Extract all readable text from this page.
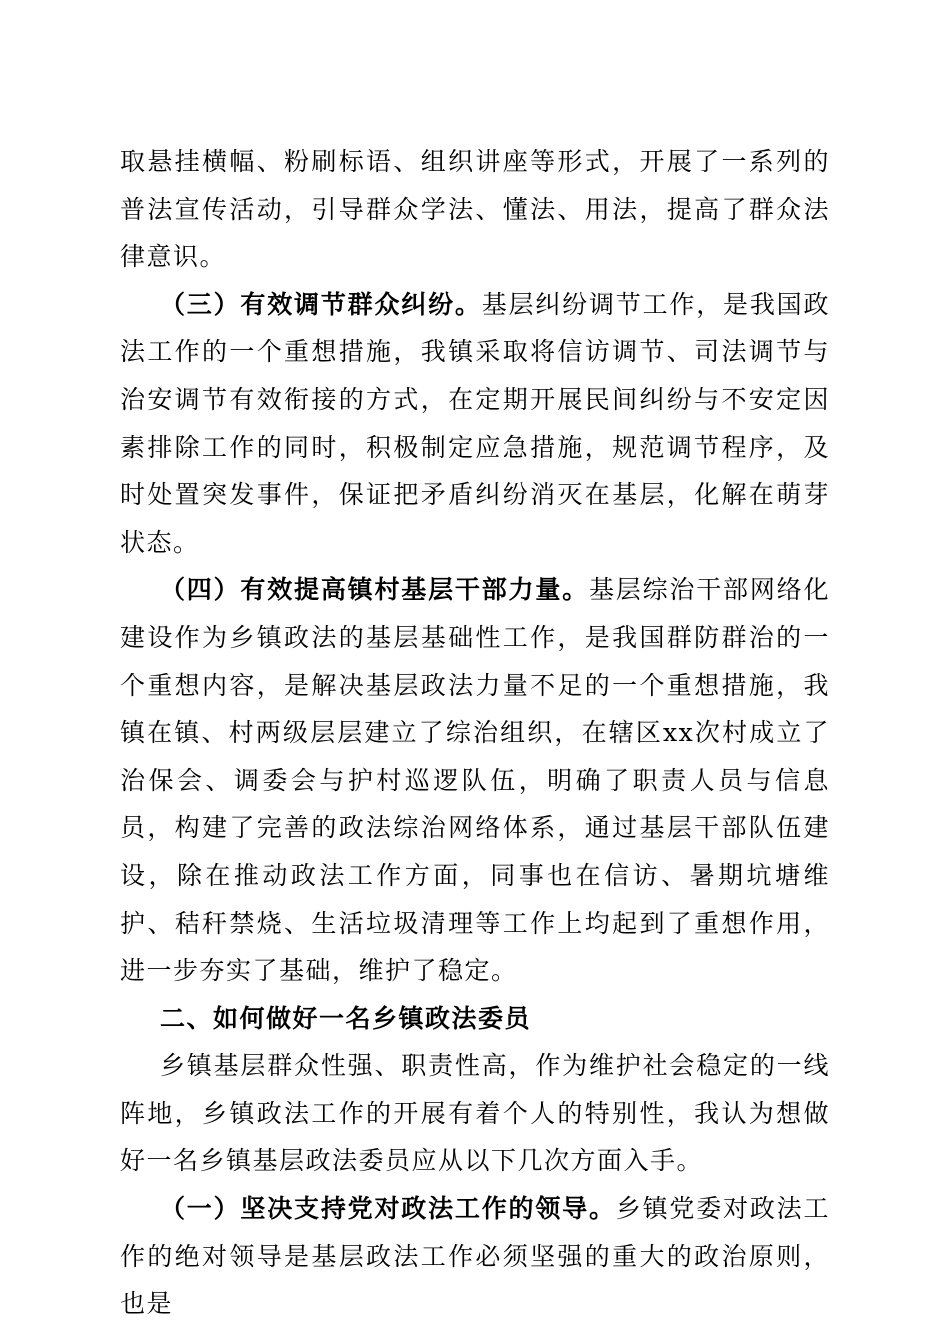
取悬挂横幅、粉刷标语、组织讲座等形式，开展了一系列的普法宣传活动，引导群众学法、懂法、用法，提高了群众法律意识。

（三）有效调节群众纠纷。基层纠纷调节工作，是我国政法工作的一个重想措施，我镇采取将信访调节、司法调节与治安调节有效衔接的方式，在定期开展民间纠纷与不安定因素排除工作的同时，积极制定应急措施，规范调节程序，及时处置突发事件，保证把矛盾纠纷消灭在基层，化解在萌芽状态。

（四）有效提高镇村基层干部力量。基层综治干部网络化建设作为乡镇政法的基层基础性工作，是我国群防群治的一个重想内容，是解决基层政法力量不足的一个重想措施，我镇在镇、村两级层层建立了综治组织，在辖区xx次村成立了治保会、调委会与护村巡逻队伍，明确了职责人员与信息员，构建了完善的政法综治网络体系，通过基层干部队伍建设，除在推动政法工作方面，同事也在信访、暑期坑塘维护、秸秆禁烧、生活垃圾清理等工作上均起到了重想作用，进一步夯实了基础，维护了稳定。

二、如何做好一名乡镇政法委员

乡镇基层群众性强、职责性高，作为维护社会稳定的一线阵地，乡镇政法工作的开展有着个人的特别性，我认为想做好一名乡镇基层政法委员应从以下几次方面入手。

（一）坚决支持党对政法工作的领导。乡镇党委对政法工作的绝对领导是基层政法工作必须坚强的重大的政治原则，也是
